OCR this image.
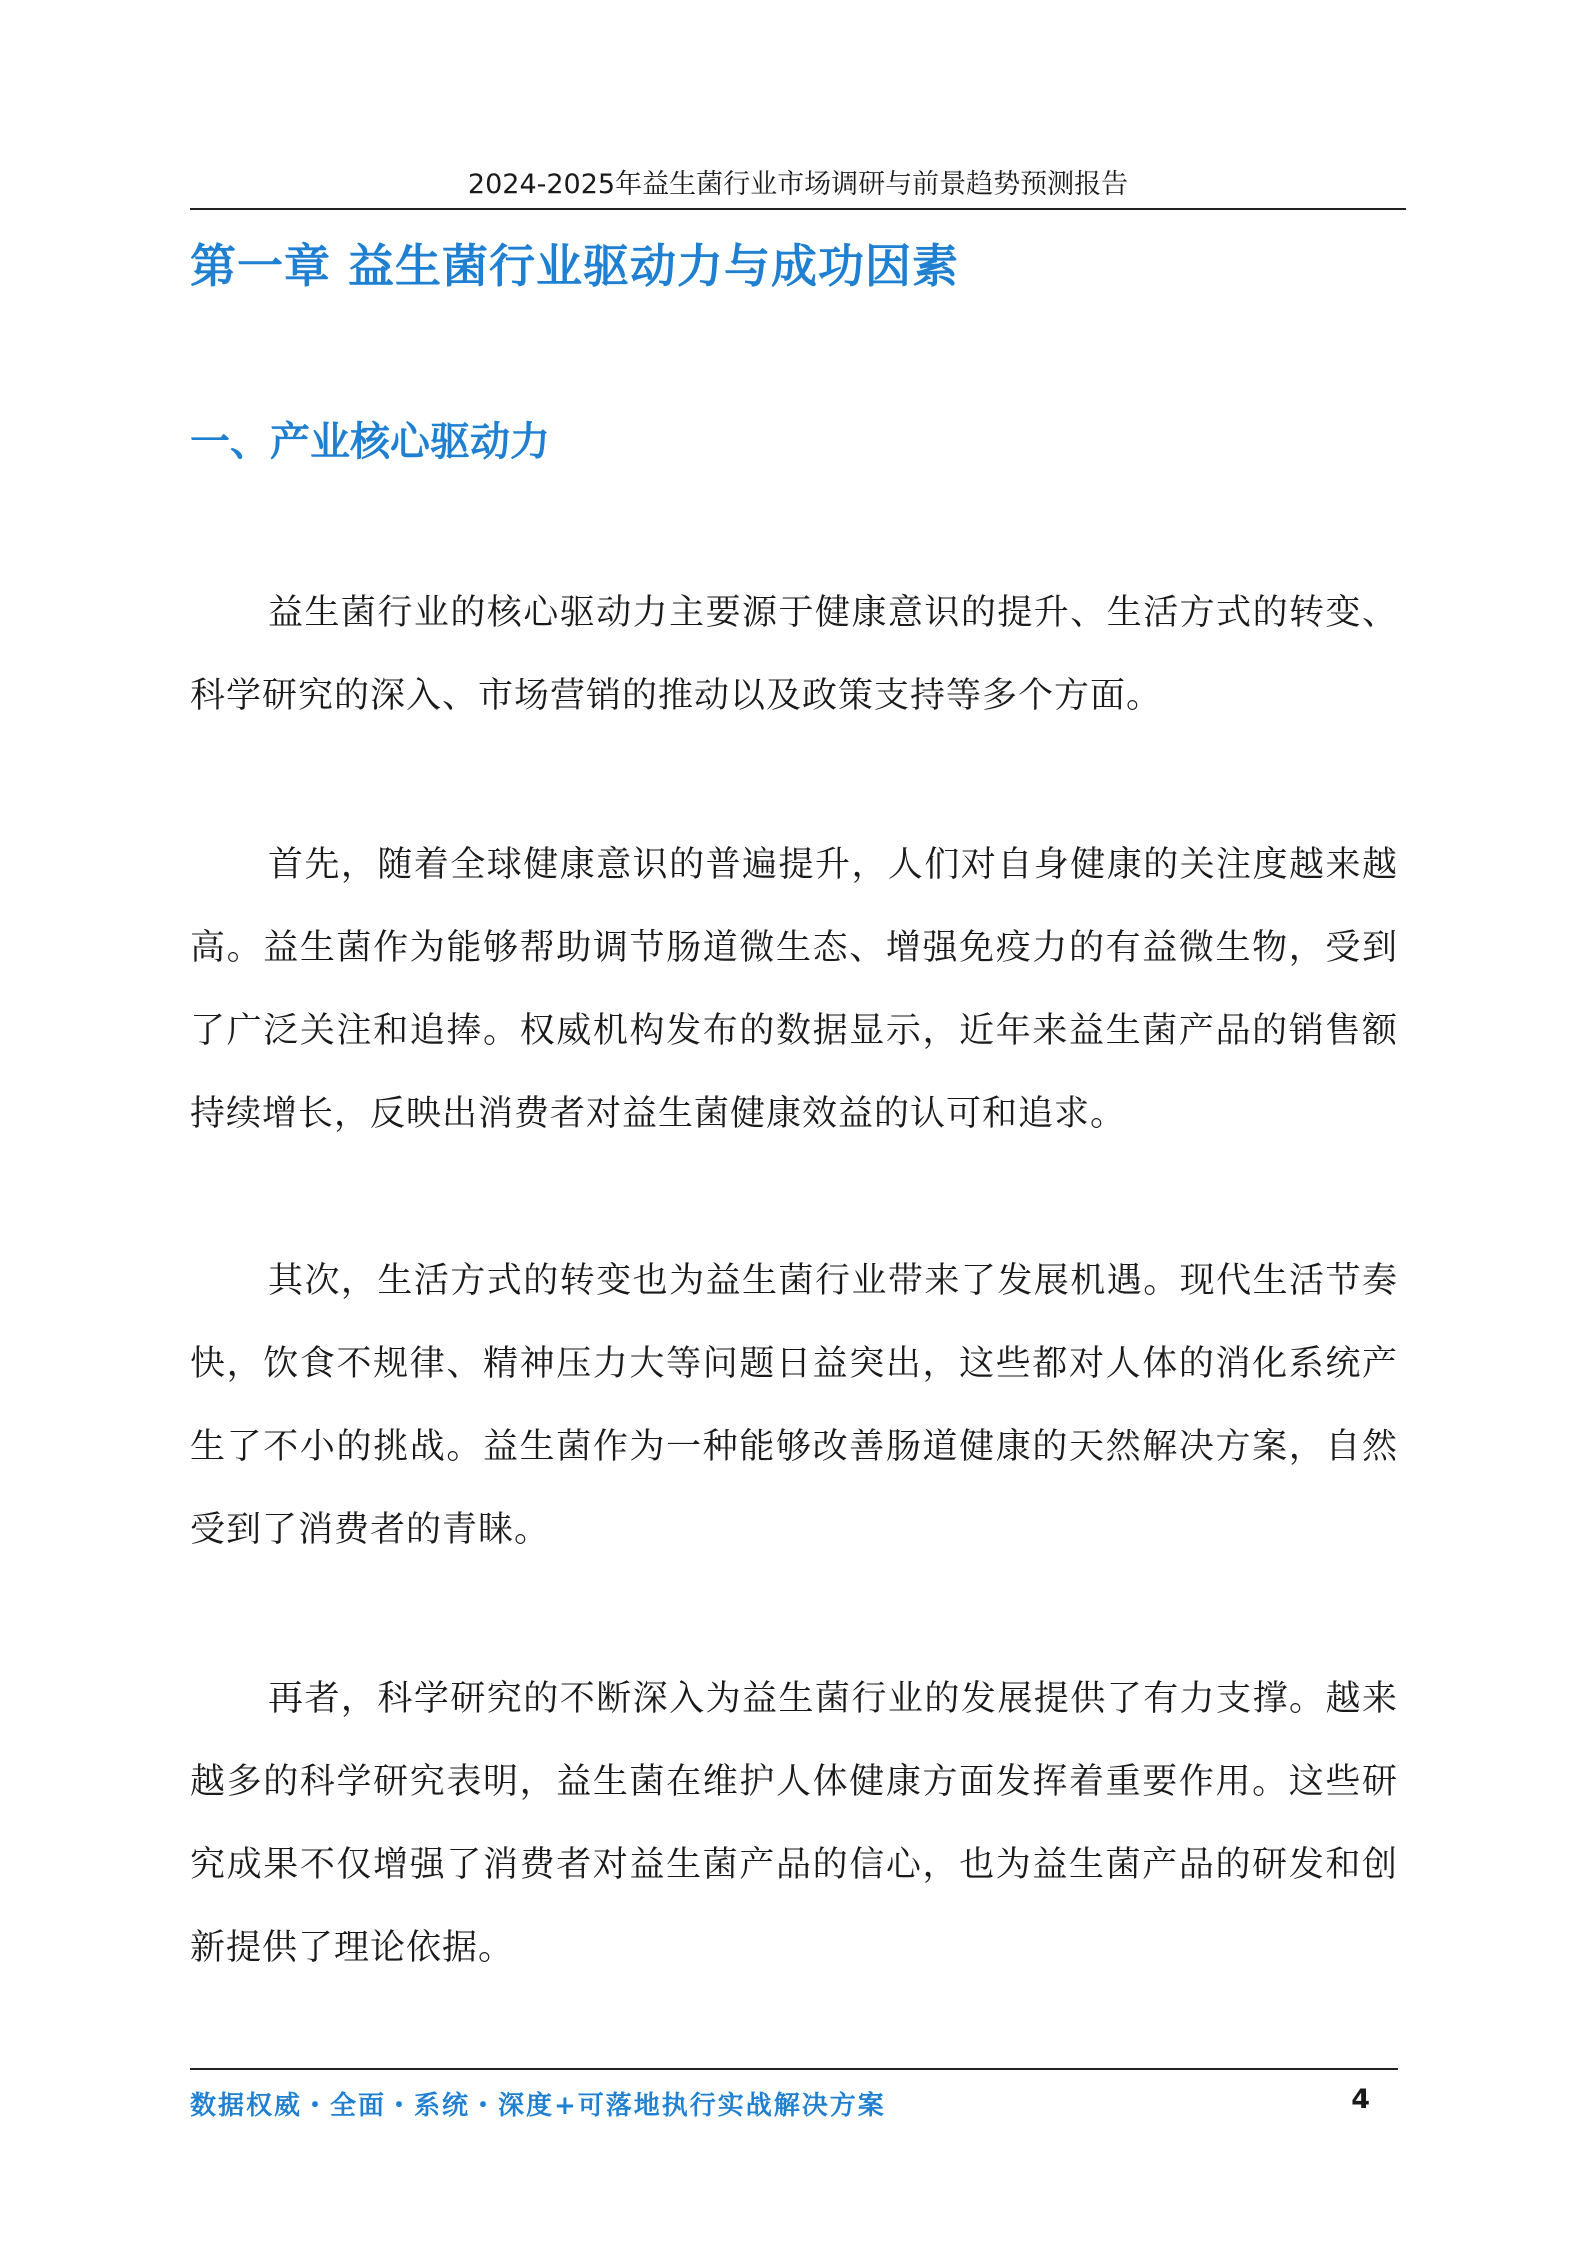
2024-2025年益生菌行业市场调研与前景趋势预测报告
第一章 益生菌行业驱动力与成功因素
一、产业核心驱动力

益生菌行业的核心驱动力主要源于健康意识的提升、生活方式的转变、科学研究的深入、市场营销的推动以及政策支持等多个方面。

首先，随着全球健康意识的普遍提升，人们对自身健康的关注度越来越高。益生菌作为能够帮助调节肠道微生态、增强免疫力的有益微生物，受到了广泛关注和追捧。权威机构发布的数据显示，近年来益生菌产品的销售额持续增长，反映出消费者对益生菌健康效益的认可和追求。

其次，生活方式的转变也为益生菌行业带来了发展机遇。现代生活节奏快，饮食不规律、精神压力大等问题日益突出，这些都对人体的消化系统产生了不小的挑战。益生菌作为一种能够改善肠道健康的天然解决方案，自然受到了消费者的青睐。

再者，科学研究的不断深入为益生菌行业的发展提供了有力支撑。越来越多的科学研究表明，益生菌在维护人体健康方面发挥着重要作用。这些研究成果不仅增强了消费者对益生菌产品的信心，也为益生菌产品的研发和创新提供了理论依据。

数据权威・全面・系统・深度+可落地执行实战解决方案	4
